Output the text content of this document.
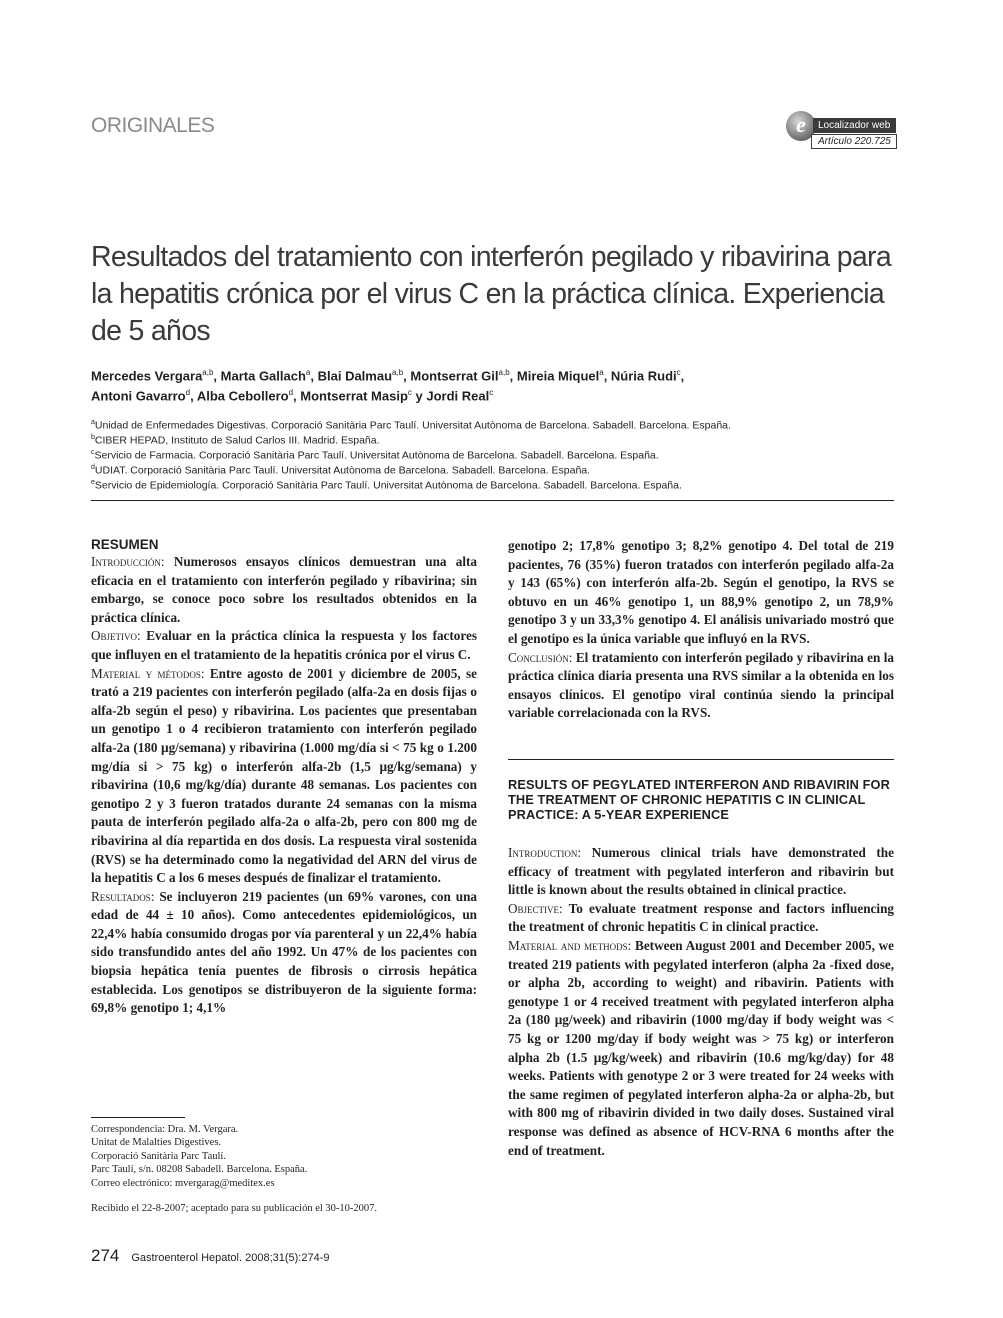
ORIGINALES	e	Localizador web
Artículo 220.725
Resultados del tratamiento con interferón pegilado y ribavirina para la hepatitis crónica por el virus C en la práctica clínica. Experiencia de 5 años
Mercedes Vergara$^{a,b}$, Marta Gallach$^a$, Blai Dalmau$^{a,b}$, Montserrat Gil$^{a,b}$, Mireia Miquel$^a$, Núria Rudi$^c$,
Antoni Gavarro$^d$, Alba Cebollero$^d$, Montserrat Masip$^c$ y Jordi Real$^c$
$^a$Unidad de Enfermedades Digestivas. Corporació Sanitària Parc Taulí. Universitat Autònoma de Barcelona. Sabadell. Barcelona. España.
$^b$CIBER HEPAD, Instituto de Salud Carlos III. Madrid. España.
$^c$Servicio de Farmacia. Corporació Sanitària Parc Taulí. Universitat Autònoma de Barcelona. Sabadell. Barcelona. España.
$^d$UDIAT. Corporació Sanitària Parc Taulí. Universitat Autònoma de Barcelona. Sabadell. Barcelona. España.
$^e$Servicio de Epidemiología. Corporació Sanitària Parc Taulí. Universitat Autònoma de Barcelona. Sabadell. Barcelona. España.

RESUMEN

Introducción: Numerosos ensayos clínicos demuestran una alta eficacia en el tratamiento con interferón pegilado y ribavirina; sin embargo, se conoce poco sobre los resultados obtenidos en la práctica clínica.

Objetivo: Evaluar en la práctica clínica la respuesta y los factores que influyen en el tratamiento de la hepatitis crónica por el virus C.

Material y métodos: Entre agosto de 2001 y diciembre de 2005, se trató a 219 pacientes con interferón pegilado (alfa-2a en dosis fijas o alfa-2b según el peso) y ribavirina. Los pacientes que presentaban un genotipo 1 o 4 recibieron tratamiento con interferón pegilado alfa-2a (180 µg/semana) y ribavirina (1.000 mg/día si < 75 kg o 1.200 mg/día si > 75 kg) o interferón alfa-2b (1,5 µg/kg/semana) y ribavirina (10,6 mg/kg/día) durante 48 semanas. Los pacientes con genotipo 2 y 3 fueron tratados durante 24 semanas con la misma pauta de interferón pegilado alfa-2a o alfa-2b, pero con 800 mg de ribavirina al día repartida en dos dosis. La respuesta viral sostenida (RVS) se ha determinado como la negatividad del ARN del virus de la hepatitis C a los 6 meses después de finalizar el tratamiento.

Resultados: Se incluyeron 219 pacientes (un 69% varones, con una edad de 44 ± 10 años). Como antecedentes epidemiológicos, un 22,4% había consumido drogas por vía parenteral y un 22,4% había sido transfundido antes del año 1992. Un 47% de los pacientes con biopsia hepática tenía puentes de fibrosis o cirrosis hepática establecida. Los genotipos se distribuyeron de la siguiente forma: 69,8% genotipo 1; 4,1%

genotipo 2; 17,8% genotipo 3; 8,2% genotipo 4. Del total de 219 pacientes, 76 (35%) fueron tratados con interferón pegilado alfa-2a y 143 (65%) con interferón alfa-2b. Según el genotipo, la RVS se obtuvo en un 46% genotipo 1, un 88,9% genotipo 2, un 78,9% genotipo 3 y un 33,3% genotipo 4. El análisis univariado mostró que el genotipo es la única variable que influyó en la RVS.

Conclusión: El tratamiento con interferón pegilado y ribavirina en la práctica clínica diaria presenta una RVS similar a la obtenida en los ensayos clínicos. El genotipo viral continúa siendo la principal variable correlacionada con la RVS.

RESULTS OF PEGYLATED INTERFERON AND RIBAVIRIN FOR THE TREATMENT OF CHRONIC HEPATITIS C IN CLINICAL PRACTICE: A 5-YEAR EXPERIENCE

Introduction: Numerous clinical trials have demonstrated the efficacy of treatment with pegylated interferon and ribavirin but little is known about the results obtained in clinical practice.

Objective: To evaluate treatment response and factors influencing the treatment of chronic hepatitis C in clinical practice.

Material and methods: Between August 2001 and December 2005, we treated 219 patients with pegylated interferon (alpha 2a -fixed dose, or alpha 2b, according to weight) and ribavirin. Patients with genotype 1 or 4 received treatment with pegylated interferon alpha 2a (180 µg/week) and ribavirin (1000 mg/day if body weight was < 75 kg or 1200 mg/day if body weight was > 75 kg) or interferon alpha 2b (1.5 µg/kg/week) and ribavirin (10.6 mg/kg/day) for 48 weeks. Patients with genotype 2 or 3 were treated for 24 weeks with the same regimen of pegylated interferon alpha-2a or alpha-2b, but with 800 mg of ribavirin divided in two daily doses. Sustained viral response was defined as absence of HCV-RNA 6 months after the end of treatment.

Correspondencia: Dra. M. Vergara.
Unitat de Malalties Digestives.
Corporació Sanitària Parc Taulí.
Parc Taulí, s/n. 08208 Sabadell. Barcelona. España.
Correo electrónico: mvergarag@meditex.es
Recibido el 22-8-2007; aceptado para su publicación el 30-10-2007.
274 Gastroenterol Hepatol. 2008;31(5):274-9
